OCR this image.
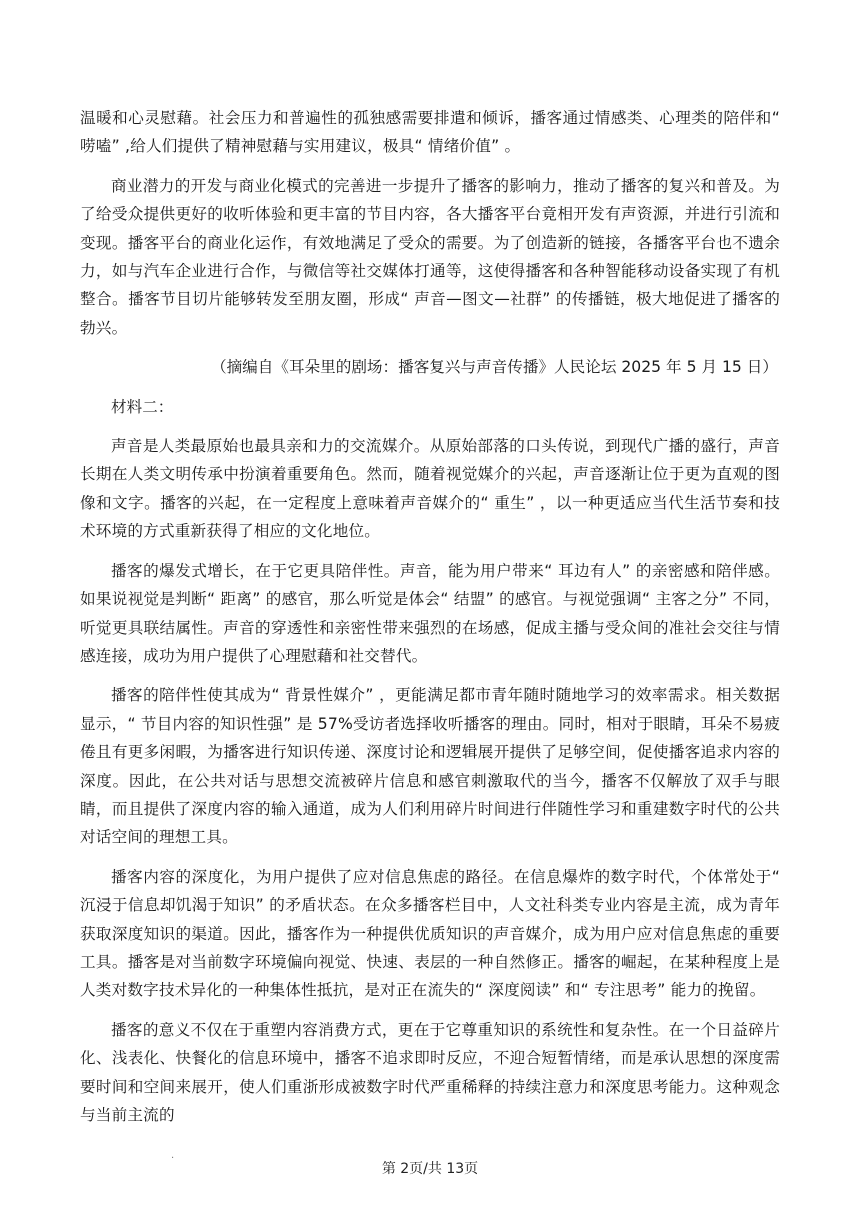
温暖和心灵慰藉。社会压力和普遍性的孤独感需要排遣和倾诉，播客通过情感类、心理类的陪伴和“ 唠嗑” ,给人们提供了精神慰藉与实用建议，极具“ 情绪价值” 。

商业潜力的开发与商业化模式的完善进一步提升了播客的影响力，推动了播客的复兴和普及。为了给受众提供更好的收听体验和更丰富的节目内容，各大播客平台竟相开发有声资源，并进行引流和变现。播客平台的商业化运作，有效地满足了受众的需要。为了创造新的链接，各播客平台也不遗余力，如与汽车企业进行合作，与微信等社交媒体打通等，这使得播客和各种智能移动设备实现了有机整合。播客节目切片能够转发至朋友圈，形成“ 声音—图文—社群” 的传播链，极大地促进了播客的勃兴。

（摘编自《耳朵里的剧场：播客复兴与声音传播》人民论坛 2025 年 5 月 15 日）

材料二：

声音是人类最原始也最具亲和力的交流媒介。从原始部落的口头传说，到现代广播的盛行，声音长期在人类文明传承中扮演着重要角色。然而，随着视觉媒介的兴起，声音逐渐让位于更为直观的图像和文字。播客的兴起，在一定程度上意味着声音媒介的“ 重生” ，以一种更适应当代生活节奏和技术环境的方式重新获得了相应的文化地位。

播客的爆发式增长，在于它更具陪伴性。声音，能为用户带来“ 耳边有人” 的亲密感和陪伴感。如果说视觉是判断“ 距离” 的感官，那么听觉是体会“ 结盟” 的感官。与视觉强调“ 主客之分” 不同，听觉更具联结属性。声音的穿透性和亲密性带来强烈的在场感，促成主播与受众间的准社会交往与情感连接，成功为用户提供了心理慰藉和社交替代。

播客的陪伴性使其成为“ 背景性媒介” ，更能满足都市青年随时随地学习的效率需求。相关数据显示，“ 节目内容的知识性强” 是 57%受访者选择收听播客的理由。同时，相对于眼睛，耳朵不易疲倦且有更多闲暇，为播客进行知识传递、深度讨论和逻辑展开提供了足够空间，促使播客追求内容的深度。因此，在公共对话与思想交流被碎片信息和感官刺激取代的当今，播客不仅解放了双手与眼睛，而且提供了深度内容的输入通道，成为人们利用碎片时间进行伴随性学习和重建数字时代的公共对话空间的理想工具。

播客内容的深度化，为用户提供了应对信息焦虑的路径。在信息爆炸的数字时代，个体常处于“ 沉浸于信息却饥渴于知识” 的矛盾状态。在众多播客栏目中，人文社科类专业内容是主流，成为青年获取深度知识的渠道。因此，播客作为一种提供优质知识的声音媒介，成为用户应对信息焦虑的重要工具。播客是对当前数字环境偏向视觉、快速、表层的一种自然修正。播客的崛起，在某种程度上是人类对数字技术异化的一种集体性抵抗，是对正在流失的“ 深度阅读” 和“ 专注思考” 能力的挽留。

播客的意义不仅在于重塑内容消费方式，更在于它尊重知识的系统性和复杂性。在一个日益碎片化、浅表化、快餐化的信息环境中，播客不追求即时反应，不迎合短暂情绪，而是承认思想的深度需要时间和空间来展开，使人们重浙形成被数字时代严重稀释的持续注意力和深度思考能力。这种观念与当前主流的

.
第 2页/共 13页
